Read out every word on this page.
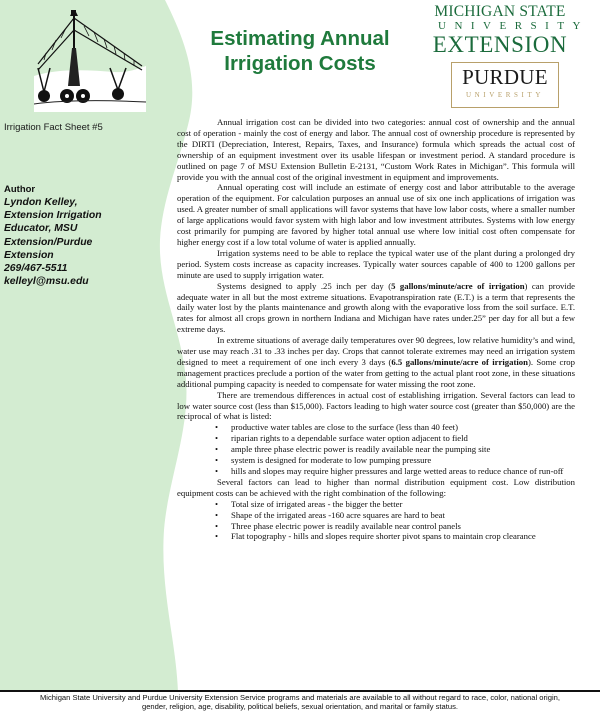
Irrigation Fact Sheet #5
Author
Lyndon Kelley,
Extension Irrigation
Educator, MSU
Extension/Purdue
Extension
269/467-5511
kelleyl@msu.edu
Estimating Annual
Irrigation Costs
MICHIGAN STATE
UNIVERSITY
EXTENSION
PURDUE
UNIVERSITY

Annual irrigation cost can be divided into two categories: annual cost of ownership and the annual cost of operation - mainly the cost of energy and labor. The annual cost of ownership procedure is represented by the DIRTI (Depreciation, Interest, Repairs, Taxes, and Insurance) formula which spreads the actual cost of ownership of an equipment investment over its usable lifespan or investment period. A standard procedure is outlined on page 7 of MSU Extension Bulletin E-2131, “Custom Work Rates in Michigan”. This formula will provide you with the annual cost of the original investment in equipment and improvements.

Annual operating cost will include an estimate of energy cost and labor attributable to the average operation of the equipment. For calculation purposes an annual use of six one inch applications of irrigation was used. A greater number of small applications will favor systems that have low labor costs, where a smaller number of large applications would favor system with high labor and low investment attributes. Systems with low energy cost primarily for pumping are favored by higher total annual use where low initial cost often compensate for higher energy cost if a low total volume of water is applied annually.

Irrigation systems need to be able to replace the typical water use of the plant during a prolonged dry period. System costs increase as capacity increases. Typically water sources capable of 400 to 1200 gallons per minute are used to supply irrigation water.

Systems designed to apply .25 inch per day (5 gallons/minute/acre of irrigation) can provide adequate water in all but the most extreme situations. Evapotranspiration rate (E.T.) is a term that represents the daily water lost by the plants maintenance and growth along with the evaporative loss from the soil surface. E.T. rates for almost all crops grown in northern Indiana and Michigan have rates under.25” per day for all but a few extreme days.

In extreme situations of average daily temperatures over 90 degrees, low relative humidity’s and wind, water use may reach .31 to .33 inches per day. Crops that cannot tolerate extremes may need an irrigation system designed to meet a requirement of one inch every 3 days (6.5 gallons/minute/acre of irrigation). Some crop management practices preclude a portion of the water from getting to the actual plant root zone, in these situations additional pumping capacity is needed to compensate for water missing the root zone.

There are tremendous differences in actual cost of establishing irrigation. Several factors can lead to low water source cost (less than $15,000). Factors leading to high water source cost (greater than $50,000) are the reciprocal of what is listed:

• productive water tables are close to the surface (less than 40 feet)
• riparian rights to a dependable surface water option adjacent to field
• ample three phase electric power is readily available near the pumping site
• system is designed for moderate to low pumping pressure
• hills and slopes may require higher pressures and large wetted areas to reduce chance of run-off

Several factors can lead to higher than normal distribution equipment cost. Low distribution equipment costs can be achieved with the right combination of the following:

• Total size of irrigated areas - the bigger the better
• Shape of the irrigated areas -160 acre squares are hard to beat
• Three phase electric power is readily available near control panels
• Flat topography - hills and slopes require shorter pivot spans to maintain crop clearance
Michigan State University and Purdue University Extension Service programs and materials are available to all without regard to race, color, national origin, gender, religion, age, disability, political beliefs, sexual orientation, and marital or family status.
